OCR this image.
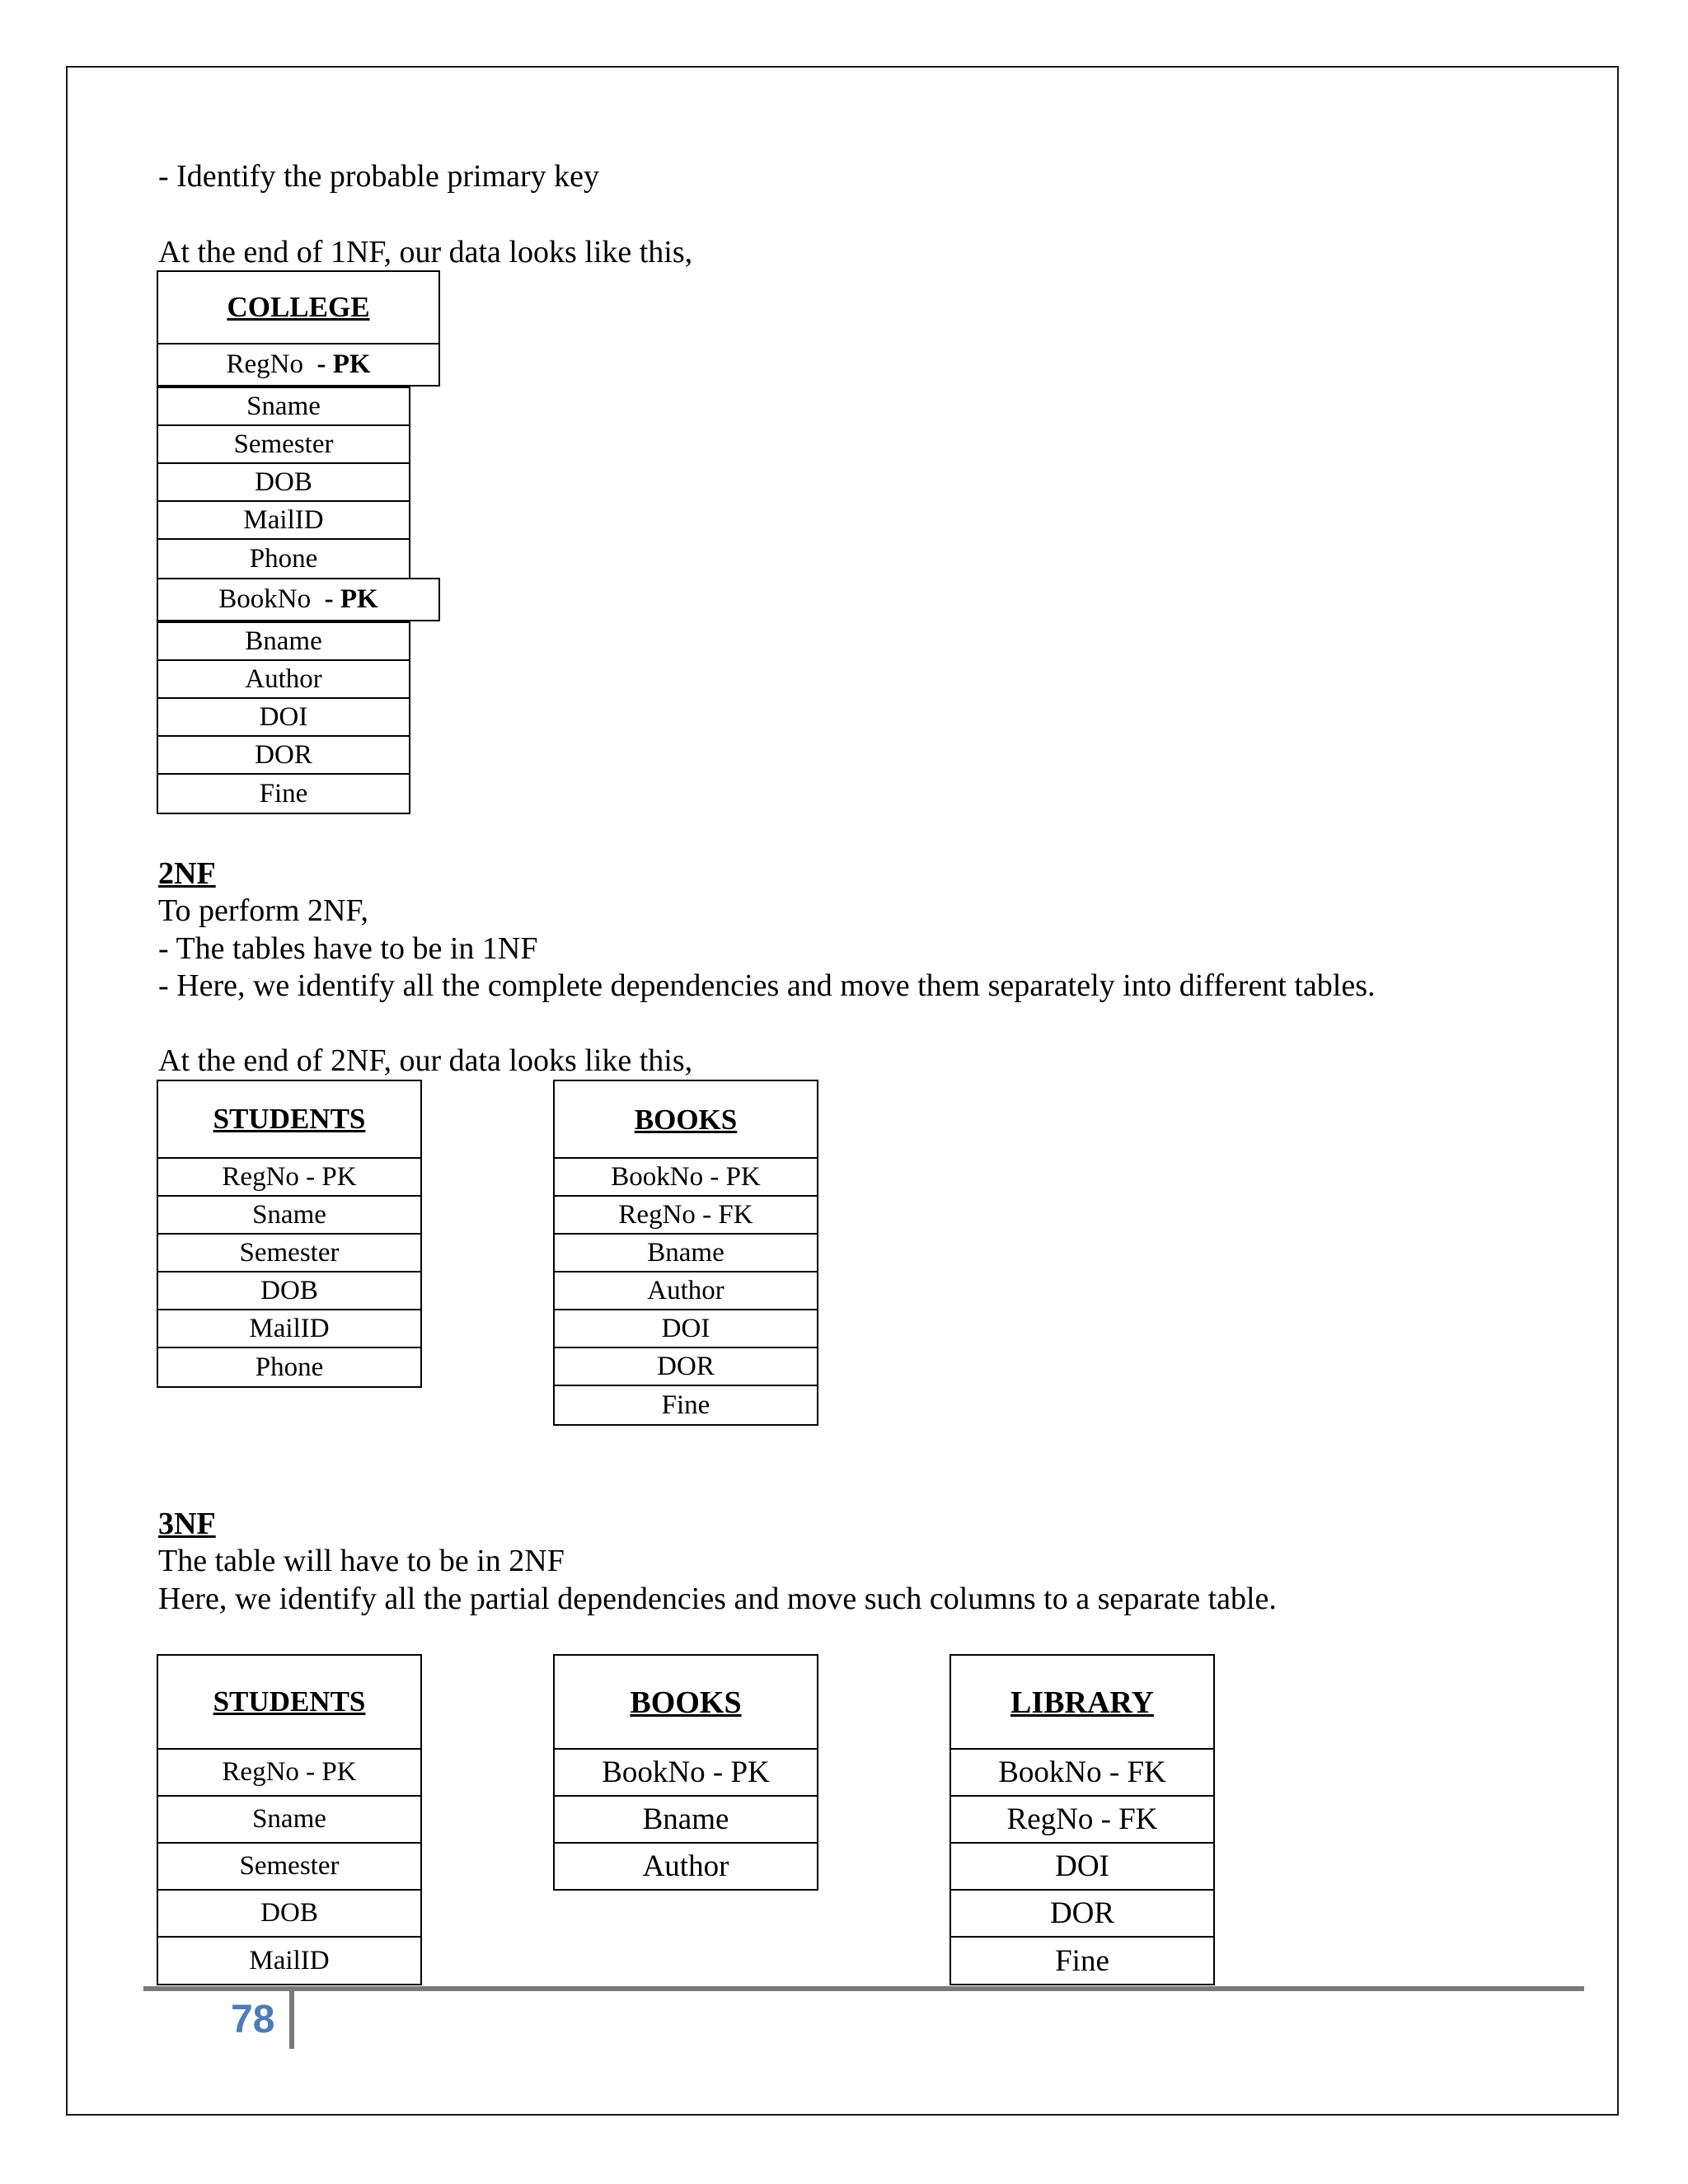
- Identify the probable primary key
At the end of 1NF, our data looks like this,
COLLEGE
RegNo
- PK
Sname
Semester
DOB
MailID
Phone
BookNo
- PK
Bname
Author
DOI
DOR
Fine
2NF
To perform 2NF,
- The tables have to be in 1NF
- Here, we identify all the complete dependencies and move them separately into different tables.
At the end of 2NF, our data looks like this,
STUDENTS
RegNo - PK
Sname
Semester
DOB
MailID
Phone
BOOKS
BookNo - PK
RegNo - FK
Bname
Author
DOI
DOR
Fine
3NF
The table will have to be in 2NF
Here, we identify all the partial dependencies and move such columns to a separate table.
STUDENTS
RegNo - PK
Sname
Semester
DOB
MailID
BOOKS
BookNo - PK
Bname
Author
LIBRARY
BookNo - FK
RegNo - FK
DOI
DOR
Fine
78
